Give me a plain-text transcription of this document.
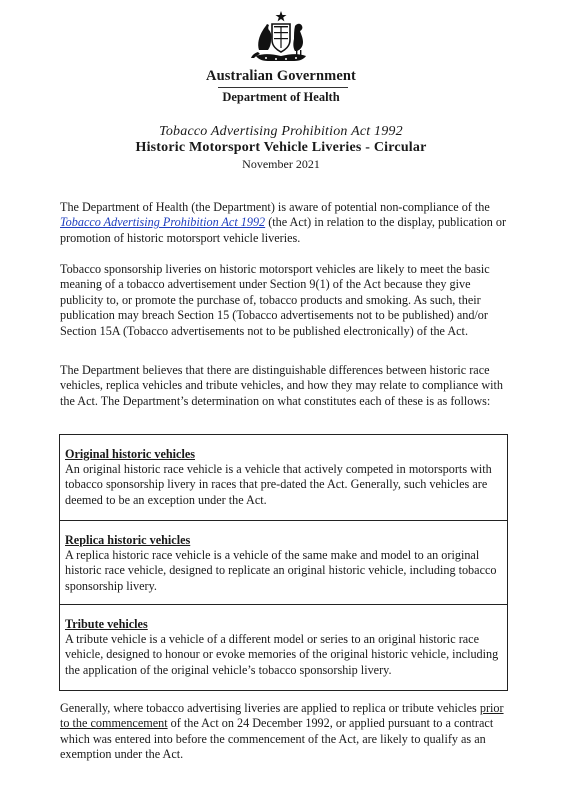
Australian Government
Department of Health
Tobacco Advertising Prohibition Act 1992
Historic Motorsport Vehicle Liveries - Circular
November 2021

The Department of Health (the Department) is aware of potential non-compliance of the Tobacco Advertising Prohibition Act 1992 (the Act) in relation to the display, publication or promotion of historic motorsport vehicle liveries.

Tobacco sponsorship liveries on historic motorsport vehicles are likely to meet the basic meaning of a tobacco advertisement under Section 9(1) of the Act because they give publicity to, or promote the purchase of, tobacco products and smoking. As such, their publication may breach Section 15 (Tobacco advertisements not to be published) and/or Section 15A (Tobacco advertisements not to be published electronically) of the Act.

The Department believes that there are distinguishable differences between historic race vehicles, replica vehicles and tribute vehicles, and how they may relate to compliance with the Act. The Department’s determination on what constitutes each of these is as follows:

Original historic vehicles

An original historic race vehicle is a vehicle that actively competed in motorsports with tobacco sponsorship livery in races that pre-dated the Act. Generally, such vehicles are deemed to be an exception under the Act.

Replica historic vehicles

A replica historic race vehicle is a vehicle of the same make and model to an original historic race vehicle, designed to replicate an original historic vehicle, including tobacco sponsorship livery.

Tribute vehicles

A tribute vehicle is a vehicle of a different model or series to an original historic race vehicle, designed to honour or evoke memories of the original historic vehicle, including the application of the original vehicle’s tobacco sponsorship livery.

Generally, where tobacco advertising liveries are applied to replica or tribute vehicles prior to the commencement of the Act on 24 December 1992, or applied pursuant to a contract which was entered into before the commencement of the Act, are likely to qualify as an exemption under the Act.
